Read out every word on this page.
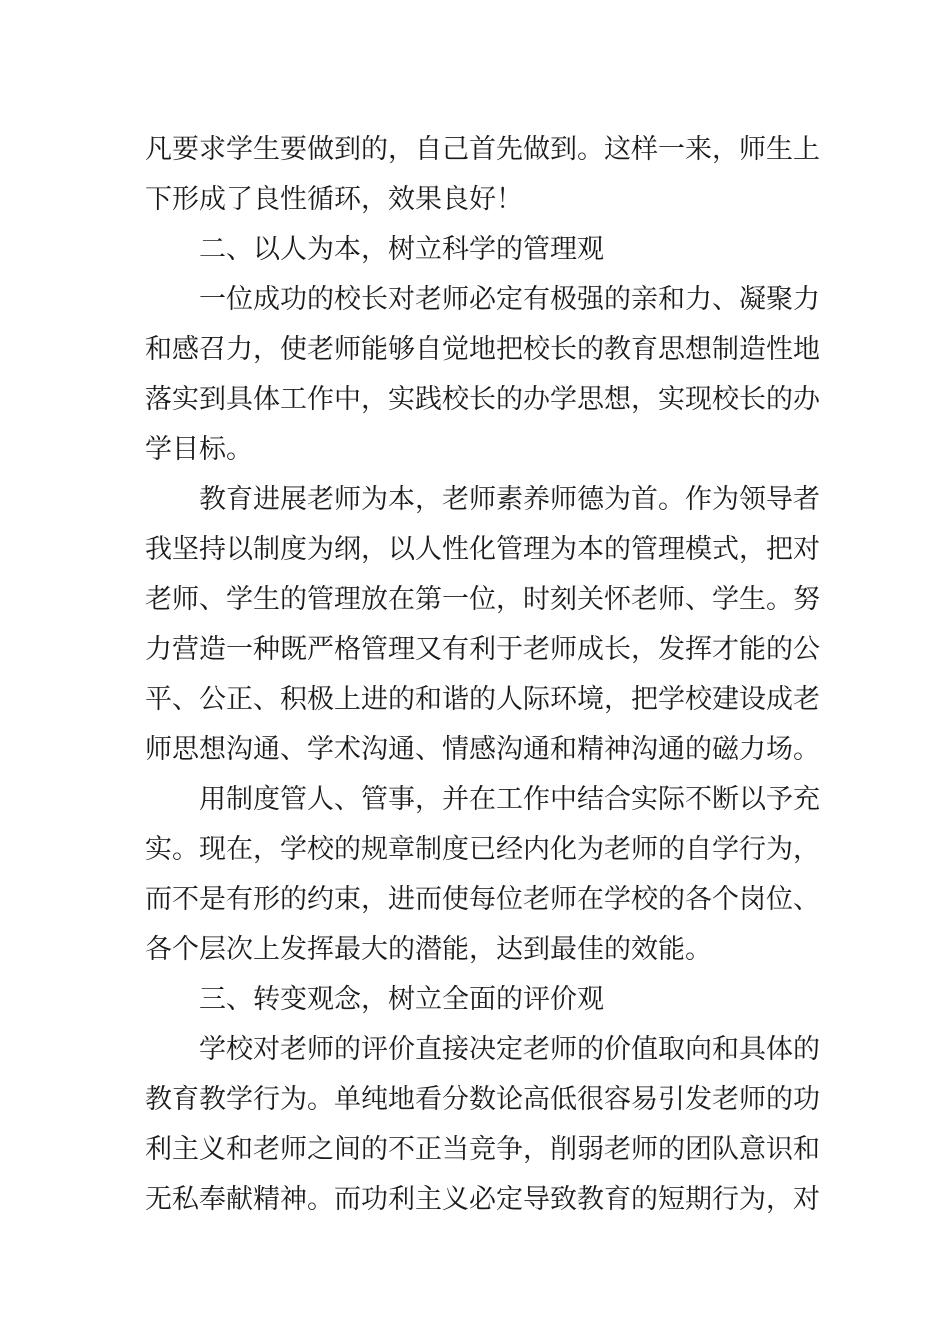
凡要求学生要做到的，自己首先做到。这样一来，师生上
下形成了良性循环，效果良好！
二、以人为本，树立科学的管理观
一位成功的校长对老师必定有极强的亲和力、凝聚力
和感召力，使老师能够自觉地把校长的教育思想制造性地
落实到具体工作中，实践校长的办学思想，实现校长的办
学目标。
教育进展老师为本，老师素养师德为首。作为领导者
我坚持以制度为纲，以人性化管理为本的管理模式，把对
老师、学生的管理放在第一位，时刻关怀老师、学生。努
力营造一种既严格管理又有利于老师成长，发挥才能的公
平、公正、积极上进的和谐的人际环境，把学校建设成老
师思想沟通、学术沟通、情感沟通和精神沟通的磁力场。
用制度管人、管事，并在工作中结合实际不断以予充
实。现在，学校的规章制度已经内化为老师的自学行为，
而不是有形的约束，进而使每位老师在学校的各个岗位、
各个层次上发挥最大的潜能，达到最佳的效能。
三、转变观念，树立全面的评价观
学校对老师的评价直接决定老师的价值取向和具体的
教育教学行为。单纯地看分数论高低很容易引发老师的功
利主义和老师之间的不正当竞争，削弱老师的团队意识和
无私奉献精神。而功利主义必定导致教育的短期行为，对
